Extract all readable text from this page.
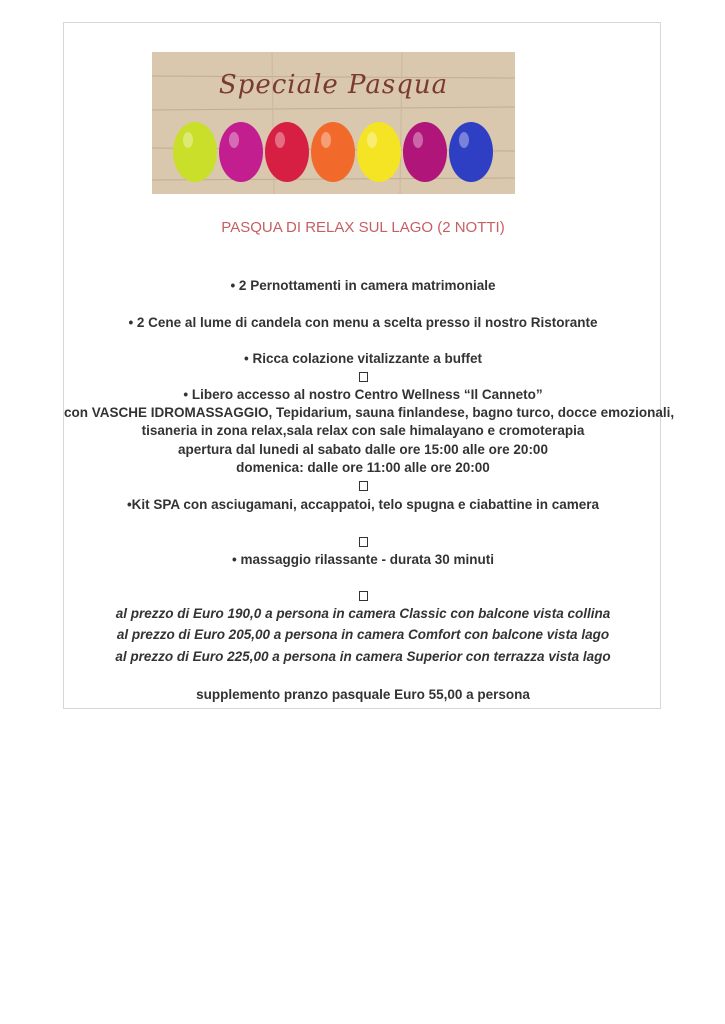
Speciale Pasqua
PASQUA DI RELAX SUL LAGO (2 NOTTI)
• 2 Pernottamenti in camera matrimoniale
• 2 Cene al lume di candela con menu a scelta presso il nostro Ristorante
• Ricca colazione vitalizzante a buffet
• Libero accesso al nostro Centro Wellness “Il Canneto”
con VASCHE IDROMASSAGGIO, Tepidarium, sauna finlandese, bagno turco, docce emozionali,
tisaneria in zona relax,sala relax con sale himalayano e cromoterapia
apertura dal lunedi al sabato dalle ore 15:00 alle ore 20:00
domenica: dalle ore 11:00 alle ore 20:00
•Kit SPA con asciugamani, accappatoi, telo spugna e ciabattine in camera
• massaggio rilassante - durata 30 minuti
al prezzo di Euro 190,0 a persona in camera Classic con balcone vista collina
al prezzo di Euro 205,00 a persona in camera Comfort con balcone vista lago
al prezzo di Euro 225,00 a persona in camera Superior con terrazza vista lago
supplemento pranzo pasquale Euro 55,00 a persona
